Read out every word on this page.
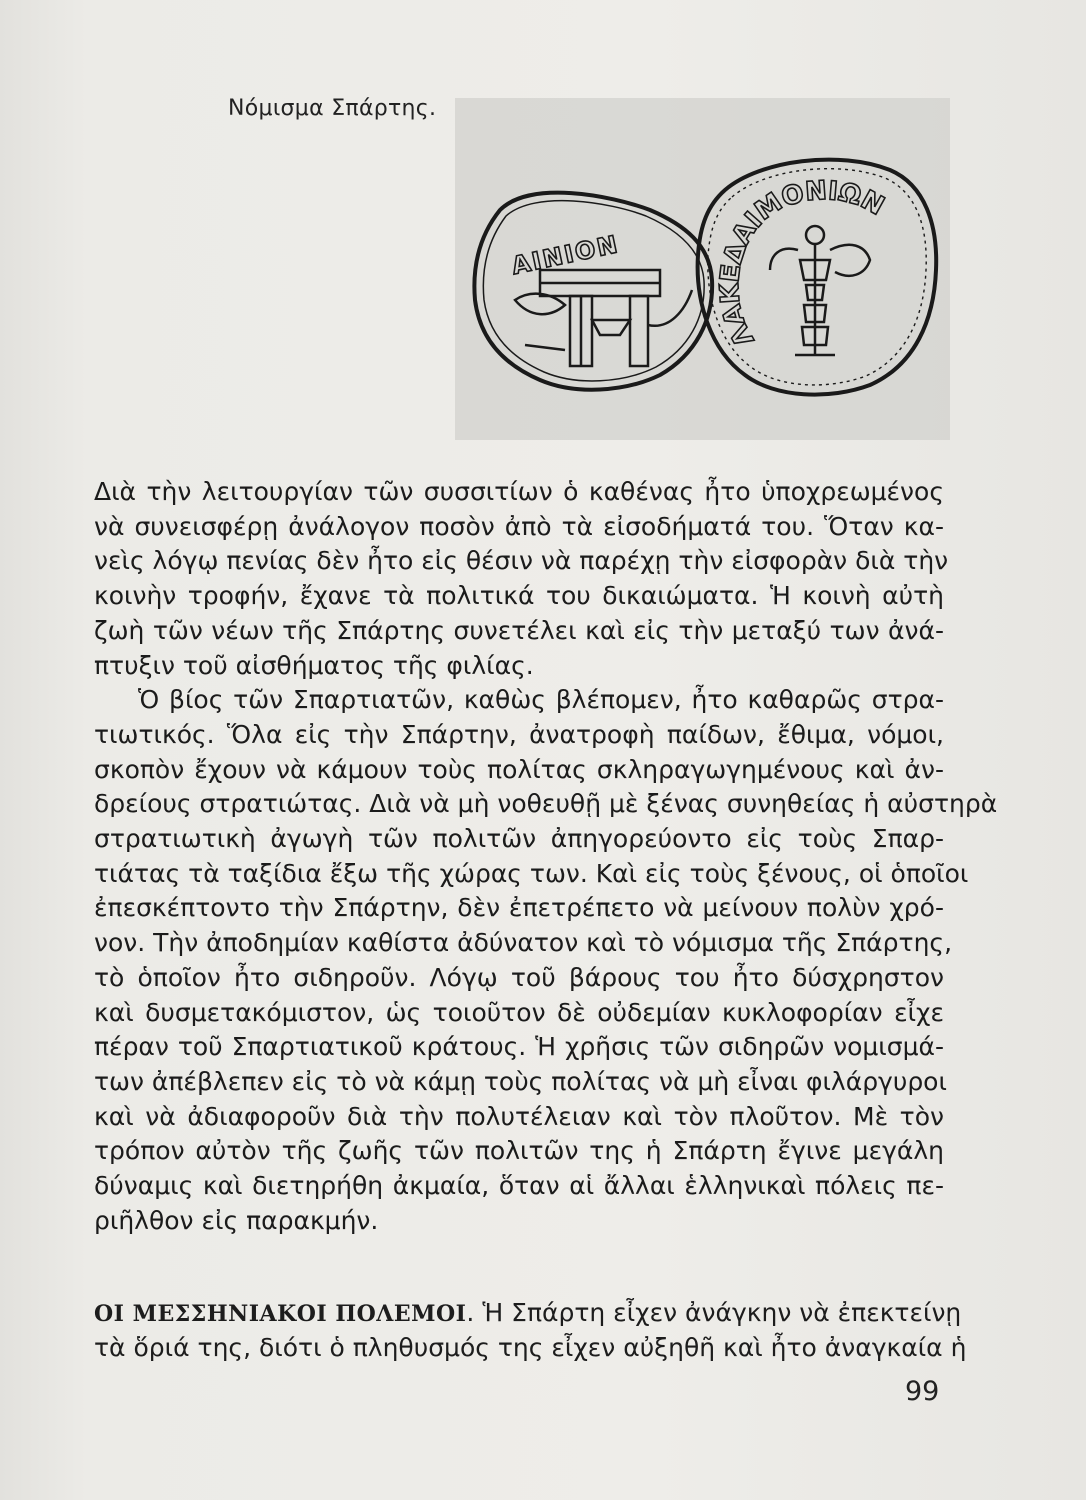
Νόμισμα Σπάρτης.
ΑΙΝΙΟΝ
ΛΑΚΕΔΑΙΜΟΝΙΩΝ
Διὰ τὴν λειτουργίαν τῶν συσσιτίων ὁ καθένας ἦτο ὑποχρεωμένος
νὰ συνεισφέρῃ ἀνάλογον ποσὸν ἀπὸ τὰ εἰσοδήματά του. Ὅταν κα-
νεὶς λόγῳ πενίας δὲν ἦτο εἰς θέσιν νὰ παρέχῃ τὴν εἰσφορὰν διὰ τὴν
κοινὴν τροφήν, ἔχανε τὰ πολιτικά του δικαιώματα. Ἡ κοινὴ αὐτὴ
ζωὴ τῶν νέων τῆς Σπάρτης συνετέλει καὶ εἰς τὴν μεταξύ των ἀνά-
πτυξιν τοῦ αἰσθήματος τῆς φιλίας.
Ὁ βίος τῶν Σπαρτιατῶν, καθὼς βλέπομεν, ἦτο καθαρῶς στρα-
τιωτικός. Ὅλα εἰς τὴν Σπάρτην, ἀνατροφὴ παίδων, ἔθιμα, νόμοι,
σκοπὸν ἔχουν νὰ κάμουν τοὺς πολίτας σκληραγωγημένους καὶ ἀν-
δρείους στρατιώτας. Διὰ νὰ μὴ νοθευθῇ μὲ ξένας συνηθείας ἡ αὐστηρὰ
στρατιωτικὴ ἀγωγὴ τῶν πολιτῶν ἀπηγορεύοντο εἰς τοὺς Σπαρ-
τιάτας τὰ ταξίδια ἔξω τῆς χώρας των. Καὶ εἰς τοὺς ξένους, οἱ ὁποῖοι
ἐπεσκέπτοντο τὴν Σπάρτην, δὲν ἐπετρέπετο νὰ μείνουν πολὺν χρό-
νον. Τὴν ἀποδημίαν καθίστα ἀδύνατον καὶ τὸ νόμισμα τῆς Σπάρτης,
τὸ ὁποῖον ἦτο σιδηροῦν. Λόγῳ τοῦ βάρους του ἦτο δύσχρηστον
καὶ δυσμετακόμιστον, ὡς τοιοῦτον δὲ οὐδεμίαν κυκλοφορίαν εἶχε
πέραν τοῦ Σπαρτιατικοῦ κράτους. Ἡ χρῆσις τῶν σιδηρῶν νομισμά-
των ἀπέβλεπεν εἰς τὸ νὰ κάμῃ τοὺς πολίτας νὰ μὴ εἶναι φιλάργυροι
καὶ νὰ ἀδιαφοροῦν διὰ τὴν πολυτέλειαν καὶ τὸν πλοῦτον. Μὲ τὸν
τρόπον αὐτὸν τῆς ζωῆς τῶν πολιτῶν της ἡ Σπάρτη ἔγινε μεγάλη
δύναμις καὶ διετηρήθη ἀκμαία, ὅταν αἱ ἄλλαι ἑλληνικαὶ πόλεις πε-
ριῆλθον εἰς παρακμήν.
ΟΙ ΜΕΣΣΗΝΙΑΚΟΙ ΠΟΛΕΜΟΙ. Ἡ Σπάρτη εἶχεν ἀνάγκην νὰ ἐπεκτείνῃ
τὰ ὅριά της, διότι ὁ πληθυσμός της εἶχεν αὐξηθῆ καὶ ἦτο ἀναγκαία ἡ
99
